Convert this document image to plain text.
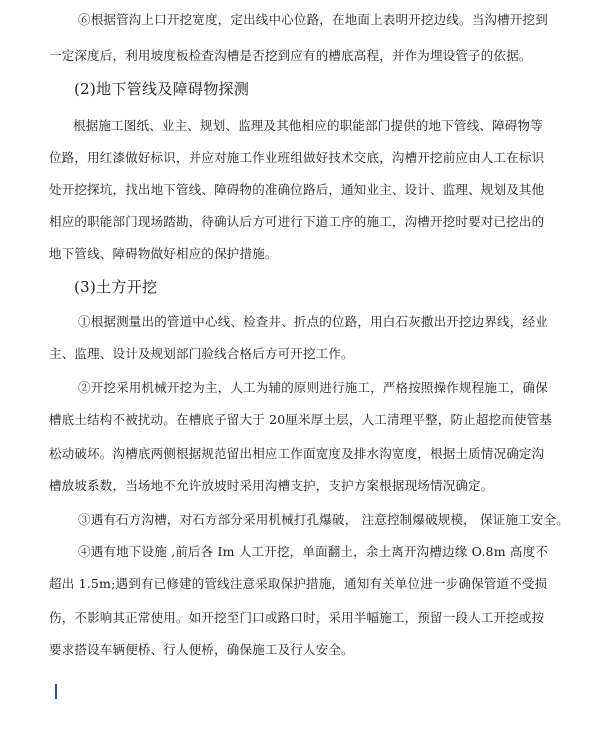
⑥根据管沟上口开挖宽度，定出线中心位路，在地面上表明开挖边线。当沟槽开挖到
一定深度后，利用坡度板检查沟槽是否挖到应有的槽底高程，并作为埋设管子的依据。
(2)地下管线及障碍物探测
根据施工图纸、业主、规划、监理及其他相应的职能部门提供的地下管线、障碍物等
位路，用红漆做好标识，并应对施工作业班组做好技术交底，沟槽开挖前应由人工在标识
处开挖探坑，找出地下管线、障碍物的准确位路后，通知业主、设计、监理、规划及其他
相应的职能部门现场踏勘，待确认后方可进行下道工序的施工，沟槽开挖时要对已挖出的
地下管线、障碍物做好相应的保护措施。
(3)土方开挖
①根据测量出的管道中心线、检查井、折点的位路，用白石灰撒出开挖边界线，经业
主、监理、设计及规划部门验线合格后方可开挖工作。
②开挖采用机械开挖为主，人工为辅的原则进行施工，严格按照操作规程施工，确保
槽底土结构不被扰动。在槽底子留大于 20厘米厚土层，人工清理平整，防止超挖而使管基
松动破坏。沟槽底两侧根据规范留出相应工作面宽度及排水沟宽度，根据土质情况确定沟
槽放坡系数，当场地不允许放坡时采用沟槽支护，支护方案根据现场情况确定。
③遇有石方沟槽，对石方部分采用机械打孔爆破， 注意控制爆破规模， 保证施工安全。
④遇有地下设施 ,前后各 Im 人工开挖，单面翻土，余土离开沟槽边缘 O.8m 高度不
超出 1.5m;遇到有已修建的管线注意采取保护措施，通知有关单位进一步确保管道不受损
伤，不影响其正常使用。如开挖至门口或路口时，采用半幅施工，预留一段人工开挖或按
要求搭设车辆便桥、行人便桥，确保施工及行人安全。
